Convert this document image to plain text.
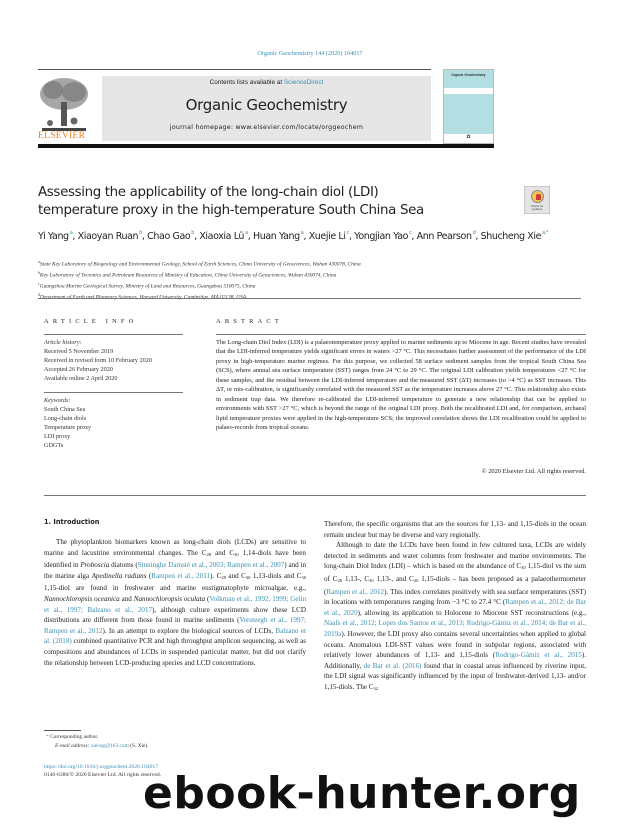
Organic Geochemistry 144 (2020) 104017
ELSEVIER
Contents lists available at ScienceDirect
Organic Geochemistry
journal homepage: www.elsevier.com/locate/orggeochem
Organic Geochemistry
✿
Assessing the applicability of the long-chain diol (LDI) temperature proxy in the high-temperature South China Sea	Check for updates
Yi Yang$^a$, Xiaoyan Ruan$^b$, Chao Gao$^b$, Xiaoxia $Lü^a$, Huan Yang$^a$, Xuejie Li$^c$, Yongjian Yao$^c$, Ann Pearson$^d$, Shucheng Xie$^{a,*}$
$^a$State Key Laboratory of Biogeology and Environmental Geology, School of Earth Sciences, China University of Geosciences, Wuhan 430078, China
$^b$Key Laboratory of Tectonics and Petroleum Resources of Ministry of Education, China University of Geosciences, Wuhan 430074, China
$^c$Guangzhou Marine Geological Survey, Ministry of Land and Resources, Guangzhou 510075, China
$^d$
ARTICLE INFO
Article history:
Received 5 November 2019
Received in revised form 10 February 2020
Accepted 26 February 2020
Available online 2 April 2020
Keywords:
South China Sea
Long-chain diols
Temperature proxy
LDI proxy
GDGTs
ABSTRACT
The Long-chain Diol Index (LDI) is a palaeotemperature proxy applied to marine sediments up to Miocene in age. Recent studies have revealed that the LDI-inferred temperature yields significant errors in waters >27 °C. This necessitates further assessment of the performance of the LDI proxy in high-temperature marine regimes. For this purpose, we collected 58 surface sediment samples from the tropical South China Sea (SCS), where annual sea surface temperature (SST) ranges from 24 °C to 29 °C. The original LDI calibration yields temperatures <27 °C for these samples, and the residual between the LDI-inferred temperature and the measured SST (ΔT) increases (to >4 °C) as SST increases. This ΔT, or mis-calibration, is significantly correlated with the measured SST as the temperature increases above 27 °C. This relationship also exists in sediment trap data. We therefore re-calibrated the LDI-inferred temperature to generate a new relationship that can be applied to environments with SST >27 °C, which is beyond the range of the original LDI proxy. Both the recalibrated LDI and, for comparison, archaeal lipid temperature proxies were applied in the high-temperature SCS; the improved correlation shows the LDI recalibration could be applied to palaeo-records from tropical oceans.
© 2020 Elsevier Ltd. All rights reserved.
1. Introduction

The phytoplankton biomarkers known as long-chain diols (LCDs) are sensitive to marine and lacustrine environmental changes. The $C_{28}$ and $C_{30}$ 1,14-diols have been identified in Proboscia diatoms (Sinninghe Damsté et al., 2003; Rampen et al., 2007) and in the marine alga Apedinella radians (Rampen et al., 2011). $C_{28}$ and $C_{30}$ 1,13-diols and $C_{30}$ 1,15-diol are found in freshwater and marine eustigmatophyte microalgae, e.g., Nannochloropsis oceanica and Nannochloropsis oculata (Volkman et al., 1992, 1999; Gelin et al., 1997; Balzano et al., 2017), although culture experiments show these LCD distributions are different from those found in marine sediments (Versteegh et al., 1997; Rampen et al., 2012). In an attempt to explore the biological sources of LCDs, Balzano et al. (2018) combined quantitative PCR and high throughput amplicon sequencing, as well as compositions and abundances of LCDs in suspended particular matter, but did not clarify the relationship between LCD-producing species and LCD concentrations.

Therefore, the specific organisms that are the sources for 1,13- and 1,15-diols in the ocean remain unclear but may be diverse and vary regionally.

Although to date the LCDs have been found in few cultured taxa, LCDs are widely detected in sediments and water columns from freshwater and marine environments. The long-chain Diol Index (LDI) – which is based on the abundance of $C_{30}$ 1,15-diol vs the sum of $C_{28}$ 1,13-, $C_{30}$ 1,13-, and $C_{30}$ 1,15-diols – has been proposed as a palaeothermometer (Rampen et al., 2012). This index correlates positively with sea surface temperatures (SST) in locations with temperatures ranging from −3 °C to 27.4 °C (Rampen et al., 2012; de Bar et al., 2020), allowing its application to Holocene to Miocene SST reconstructions (e.g., Naafs et al., 2012; Lopes dos Santos et al., 2013; Rodrigo-Gámiz et al., 2014; de Bar et al., 2019a). However, the LDI proxy also contains several uncertainties when applied to global oceans. Anomalous LDI-SST values were found in subpolar regions, associated with relatively lower abundances of 1,13- and 1,15-diols (Rodrigo-Gámiz et al., 2015). Additionally, de Bar et al. (2016) found that in coastal areas influenced by riverine input, the LDI signal was significantly influenced by the input of freshwater-derived 1,13- and/or 1,15-diols. The $C_{32}$

* Corresponding author.
E-mail address: xiecug@163.com (S. Xie).
https://doi.org/10.1016/j.orggeochem.2020.104017
0146-6380/© 2020 Elsevier Ltd. All rights reserved.
ebook-hunter.org
